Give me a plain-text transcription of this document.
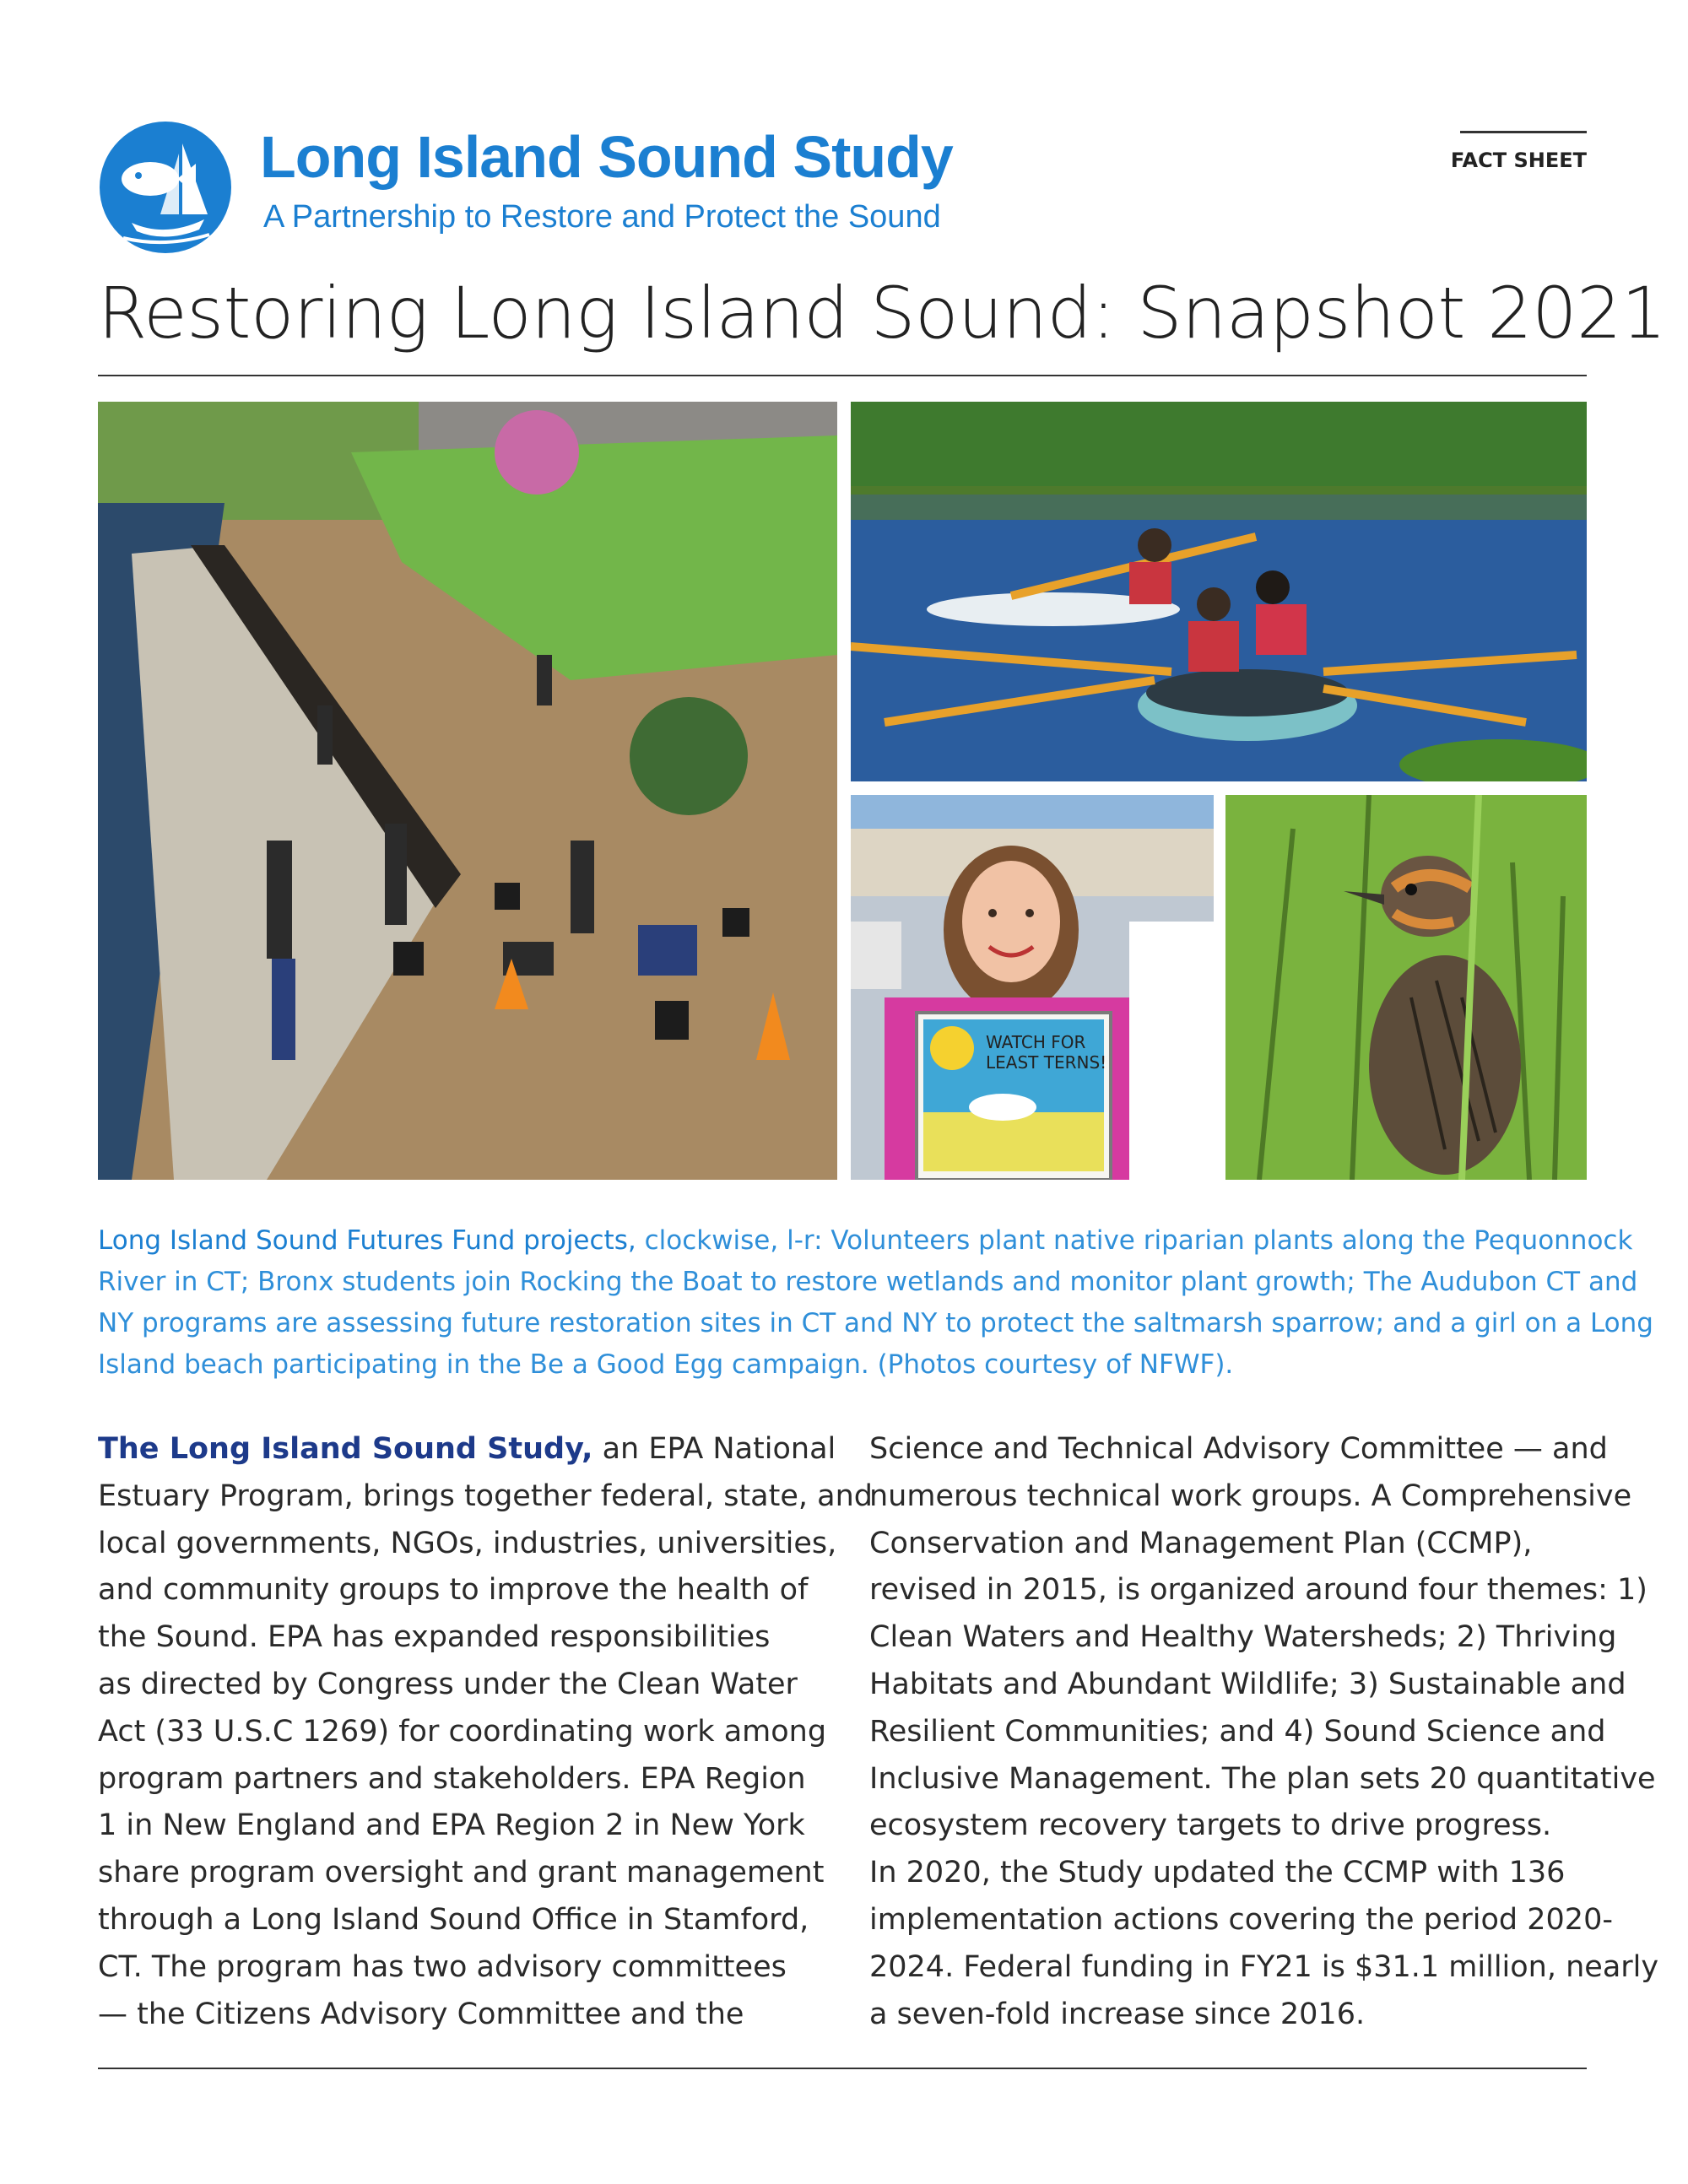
Long Island Sound Study
A Partnership to Restore and Protect the Sound
FACT SHEET
Restoring Long Island Sound: Snapshot 2021
WATCH FOR
LEAST TERNS!
Long Island Sound Futures Fund projects, clockwise, l-r: Volunteers plant native riparian plants along the Pequonnock
River in CT; Bronx students join Rocking the Boat to restore wetlands and monitor plant growth; The Audubon CT and
NY programs are assessing future restoration sites in CT and NY to protect the saltmarsh sparrow; and a girl on a Long
Island beach participating in the Be a Good Egg campaign. (Photos courtesy of NFWF).
The Long Island Sound Study, an EPA National
Estuary Program, brings together federal, state, and
local governments, NGOs, industries, universities,
and community groups to improve the health of
the Sound. EPA has expanded responsibilities
as directed by Congress under the Clean Water
Act (33 U.S.C 1269) for coordinating work among
program partners and stakeholders. EPA Region
1 in New England and EPA Region 2 in New York
share program oversight and grant management
through a Long Island Sound Office in Stamford,
CT. The program has two advisory committees
— the Citizens Advisory Committee and the
Science and Technical Advisory Committee — and
numerous technical work groups. A Comprehensive
Conservation and Management Plan (CCMP),
revised in 2015, is organized around four themes: 1)
Clean Waters and Healthy Watersheds; 2) Thriving
Habitats and Abundant Wildlife; 3) Sustainable and
Resilient Communities; and 4) Sound Science and
Inclusive Management. The plan sets 20 quantitative
ecosystem recovery targets to drive progress.
In 2020, the Study updated the CCMP with 136
implementation actions covering the period 2020-
2024. Federal funding in FY21 is $31.1 million, nearly
a seven-fold increase since 2016.
